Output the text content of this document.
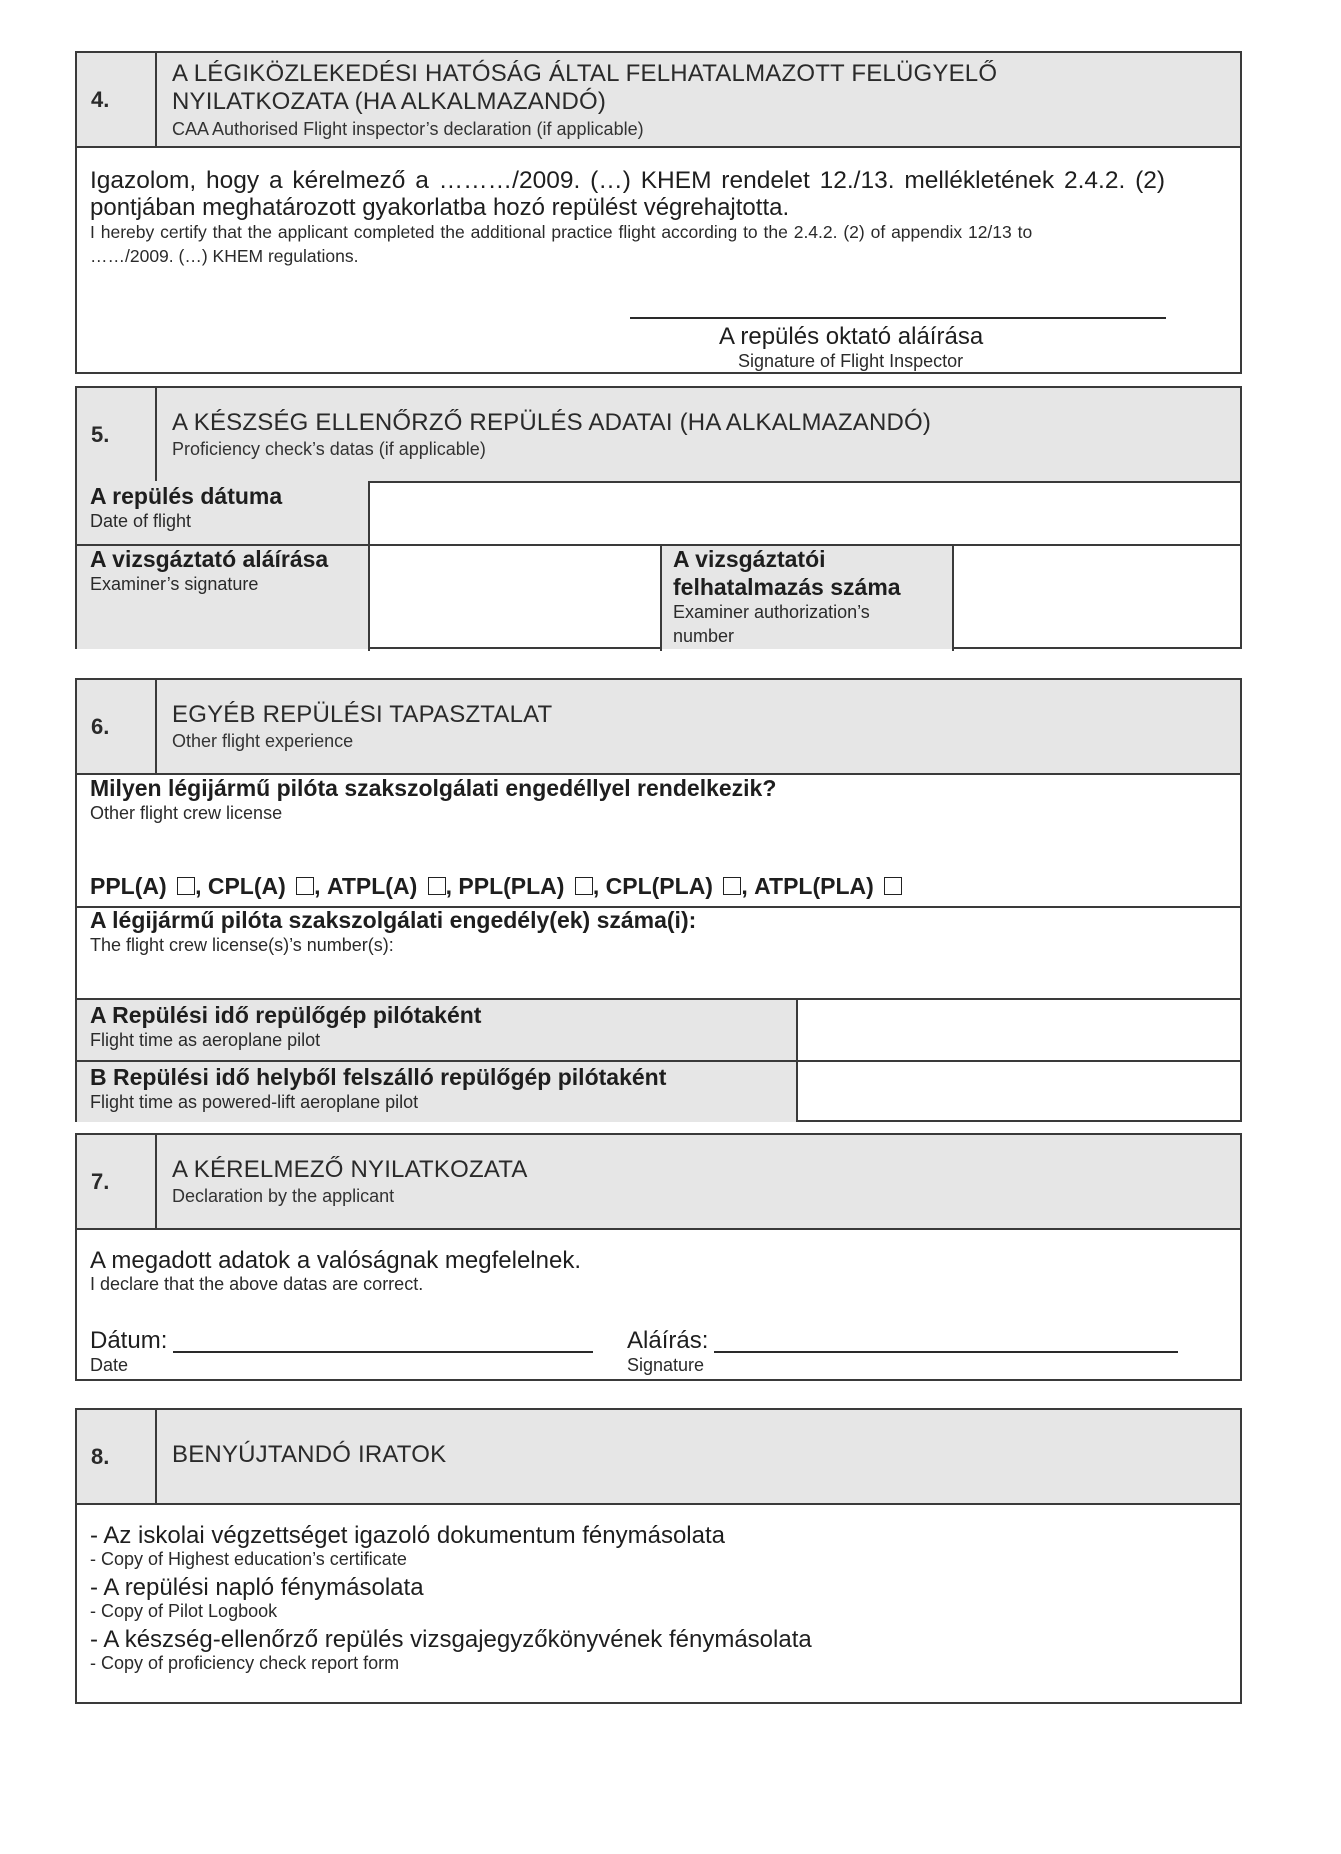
4.
A LÉGIKÖZLEKEDÉSI HATÓSÁG ÁLTAL FELHATALMAZOTT FELÜGYELŐ
NYILATKOZATA (HA ALKALMAZANDÓ)
CAA Authorised Flight inspector’s declaration (if applicable)
Igazolom, hogy a kérelmező a ………/2009. (…) KHEM rendelet 12./13. mellékletének 2.4.2. (2)
pontjában meghatározott gyakorlatba hozó repülést végrehajtotta.
I hereby certify that the applicant completed the additional practice flight according to the 2.4.2. (2) of appendix 12/13 to
……/2009. (…) KHEM regulations.
A repülés oktató aláírása
Signature of Flight Inspector
5.	A KÉSZSÉG ELLENŐRZŐ REPÜLÉS ADATAI (HA ALKALMAZANDÓ)
Proficiency check’s datas (if applicable)
A repülés dátuma
Date of flight
A vizsgáztató aláírása
Examiner’s signature
A vizsgáztatói
felhatalmazás száma
Examiner authorization’s
number
6.	EGYÉB REPÜLÉSI TAPASZTALAT
Other flight experience
Milyen légijármű pilóta szakszolgálati engedéllyel rendelkezik?
Other flight crew license
PPL(A) , CPL(A) , ATPL(A) , PPL(PLA) , CPL(PLA) , ATPL(PLA)
A légijármű pilóta szakszolgálati engedély(ek) száma(i):
The flight crew license(s)’s number(s):
A Repülési idő repülőgép pilótaként
Flight time as aeroplane pilot
B Repülési idő helyből felszálló repülőgép pilótaként
Flight time as powered-lift aeroplane pilot
7.	A KÉRELMEZŐ NYILATKOZATA
Declaration by the applicant
A megadott adatok a valóságnak megfelelnek.
I declare that the above datas are correct.
Dátum:
Date
Aláírás:
Signature
8.	BENYÚJTANDÓ IRATOK
- Az iskolai végzettséget igazoló dokumentum fénymásolata
- Copy of Highest education’s certificate
- A repülési napló fénymásolata
- Copy of Pilot Logbook
- A készség-ellenőrző repülés vizsgajegyzőkönyvének fénymásolata
- Copy of proficiency check report form
